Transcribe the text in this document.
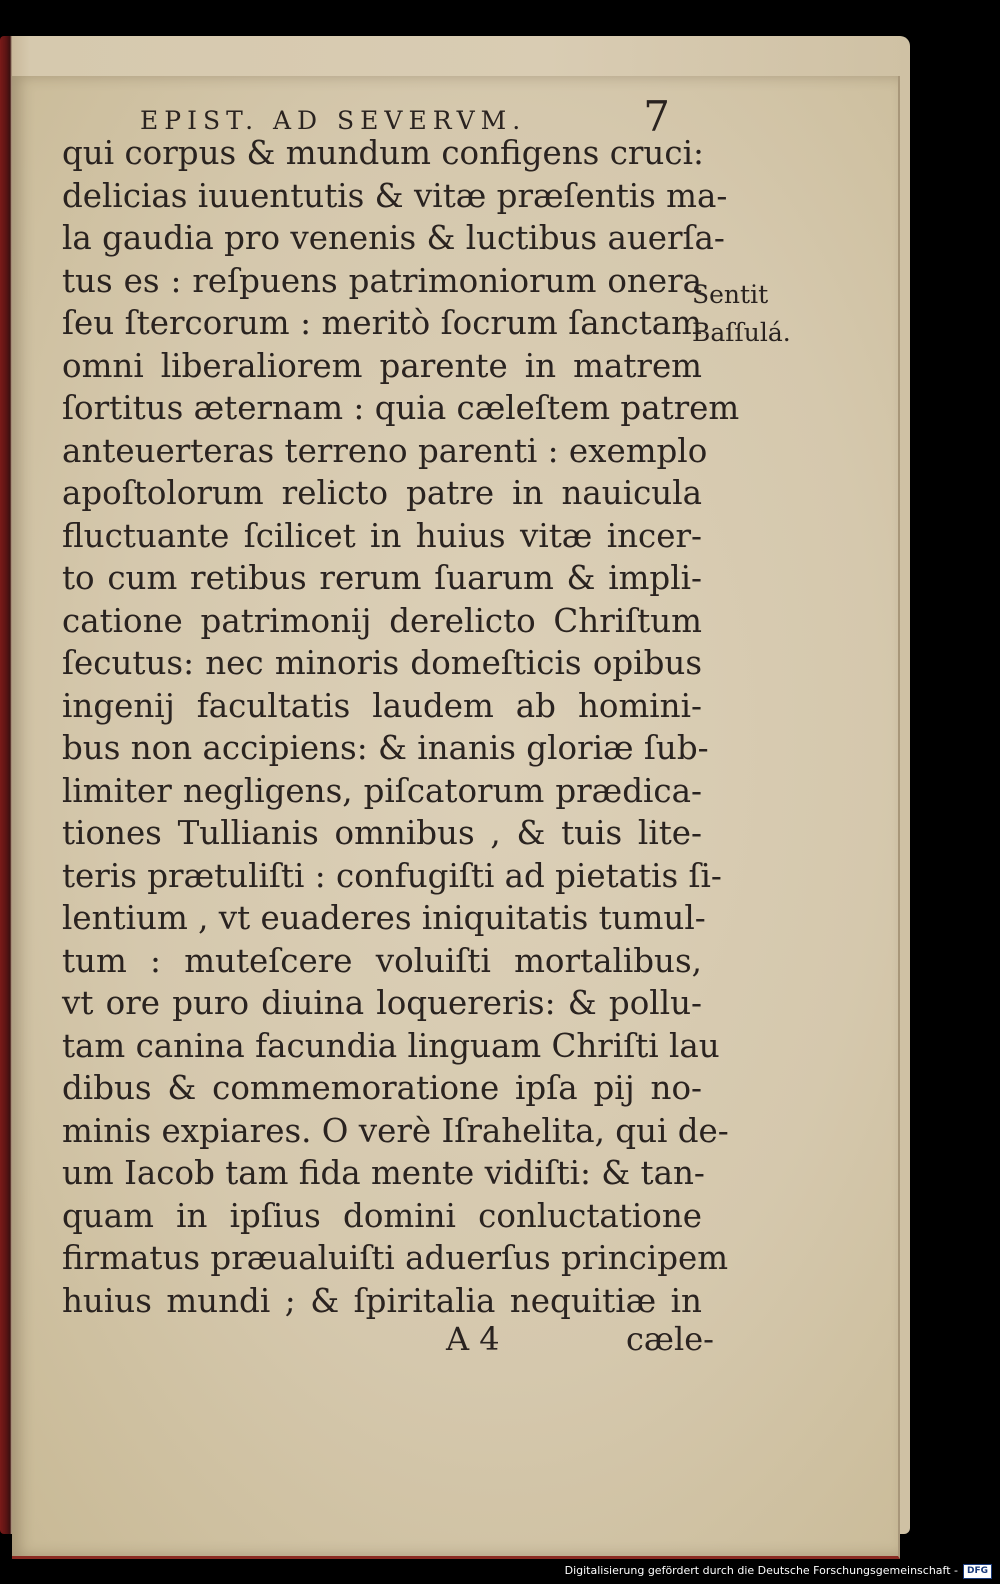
EPIST. AD SEVERVM.	7
qui corpus & mundum configens cruci:
delicias iuuentutis & vitæ præſentis ma-
la gaudia pro venenis & luctibus auerſa-
tus es : reſpuens patrimoniorum onera
ſeu ſtercorum : meritò ſocrum ſanctam
omni liberaliorem parente in matrem
ſortitus æternam : quia cæleſtem patrem
anteuerteras terreno parenti : exemplo
apoſtolorum relicto patre in nauicula
fluctuante ſcilicet in huius vitæ incer-
to cum retibus rerum ſuarum & impli-
catione patrimonij derelicto Chriſtum
ſecutus: nec minoris domeſticis opibus
ingenij facultatis laudem ab homini-
bus non accipiens: & inanis gloriæ ſub-
limiter negligens, piſcatorum prædica-
tiones Tullianis omnibus , & tuis lite-
teris prætuliſti : confugiſti ad pietatis ſi-
lentium , vt euaderes iniquitatis tumul-
tum : muteſcere voluiſti mortalibus,
vt ore puro diuina loquereris: & pollu-
tam canina facundia linguam Chriſti lau
dibus & commemoratione ipſa pij no-
minis expiares. O verè Iſrahelita, qui de-
um Iacob tam fida mente vidiſti: & tan-
quam in ipſius domini conluctatione
firmatus præualuiſti aduerſus principem
huius mundi ; & ſpiritalia nequitiæ in
Sentit
Baſſulá.
A 4	cæle-
Digitalisierung gefördert durch die Deutsche Forschungsgemeinschaft -	DFG
